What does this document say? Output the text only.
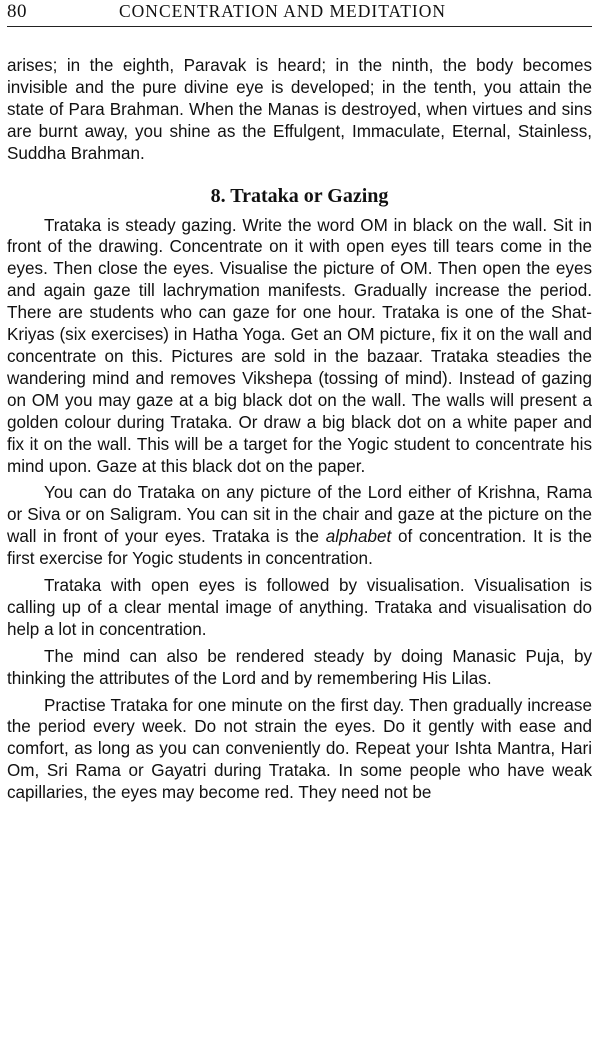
80	CONCENTRATION AND MEDITATION

arises; in the eighth, Paravak is heard; in the ninth, the body becomes invisible and the pure divine eye is developed; in the tenth, you attain the state of Para Brahman. When the Manas is destroyed, when virtues and sins are burnt away, you shine as the Effulgent, Immaculate, Eternal, Stainless, Suddha Brahman.

8. Trataka or Gazing

Trataka is steady gazing. Write the word OM in black on the wall. Sit in front of the drawing. Concentrate on it with open eyes till tears come in the eyes. Then close the eyes. Visualise the picture of OM. Then open the eyes and again gaze till lachrymation manifests. Gradually increase the period. There are students who can gaze for one hour. Trataka is one of the Shat-Kriyas (six exercises) in Hatha Yoga. Get an OM picture, fix it on the wall and concentrate on this. Pictures are sold in the bazaar. Trataka steadies the wandering mind and removes Vikshepa (tossing of mind). Instead of gazing on OM you may gaze at a big black dot on the wall. The walls will present a golden colour during Trataka. Or draw a big black dot on a white paper and fix it on the wall. This will be a target for the Yogic student to concentrate his mind upon. Gaze at this black dot on the paper.

You can do Trataka on any picture of the Lord either of Krishna, Rama or Siva or on Saligram. You can sit in the chair and gaze at the picture on the wall in front of your eyes. Trataka is the alphabet of concentration. It is the first exercise for Yogic students in concentration.

Trataka with open eyes is followed by visualisation. Visualisation is calling up of a clear mental image of anything. Trataka and visualisation do help a lot in concentration.

The mind can also be rendered steady by doing Manasic Puja, by thinking the attributes of the Lord and by remembering His Lilas.

Practise Trataka for one minute on the first day. Then gradually increase the period every week. Do not strain the eyes. Do it gently with ease and comfort, as long as you can conveniently do. Repeat your Ishta Mantra, Hari Om, Sri Rama or Gayatri during Trataka. In some people who have weak capillaries, the eyes may become red. They need not be
